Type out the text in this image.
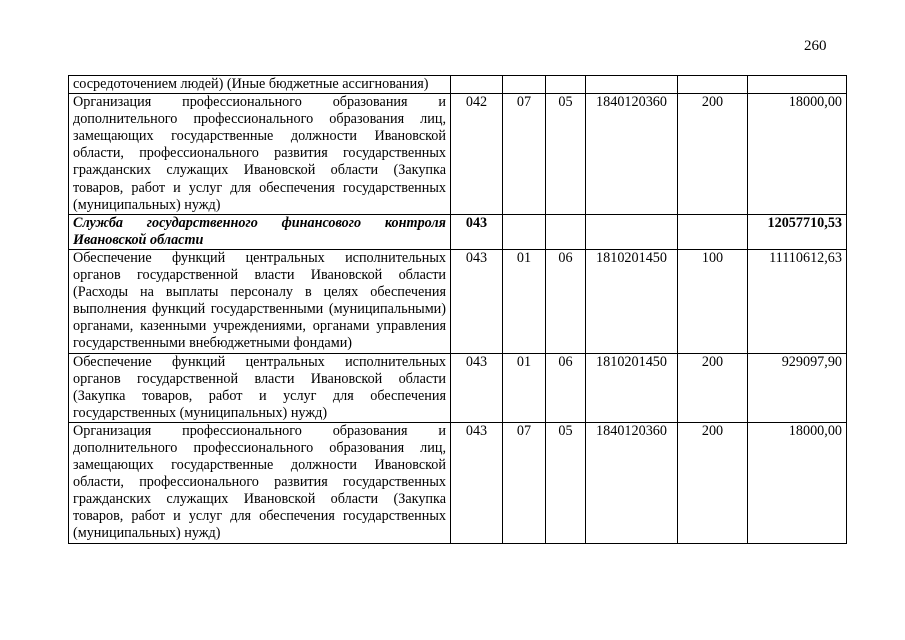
260
сосредоточением людей) (Иные бюджетные ассигнования)						
Организация профессионального образования и дополнительного профессионального образования лиц, замещающих государственные должности Ивановской области, профессионального развития государственных гражданских служащих Ивановской области (Закупка товаров, работ и услуг для обеспечения государственных (муниципальных) нужд)	042	07	05	1840120360	200	18000,00
Служба государственного финансового контроля Ивановской области	043					12057710,53
Обеспечение функций центральных исполнительных органов государственной власти Ивановской области (Расходы на выплаты персоналу в целях обеспечения выполнения функций государственными (муниципальными) органами, казенными учреждениями, органами управления государственными внебюджетными фондами)	043	01	06	1810201450	100	11110612,63
Обеспечение функций центральных исполнительных органов государственной власти Ивановской области (Закупка товаров, работ и услуг для обеспечения государственных (муниципальных) нужд)	043	01	06	1810201450	200	929097,90
Организация профессионального образования и дополнительного профессионального образования лиц, замещающих государственные должности Ивановской области, профессионального развития государственных гражданских служащих Ивановской области (Закупка товаров, работ и услуг для обеспечения государственных (муниципальных) нужд)	043	07	05	1840120360	200	18000,00
